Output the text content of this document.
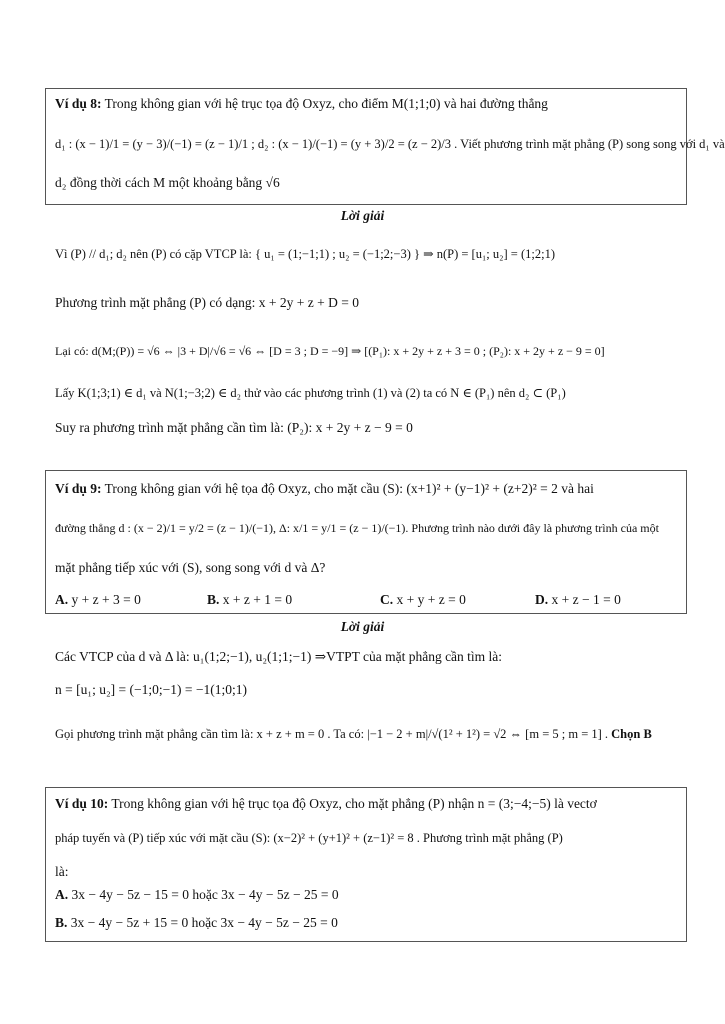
Ví dụ 8: Trong không gian với hệ trục tọa độ Oxyz, cho điểm M(1;1;0) và hai đường thẳng
d₁ : (x − 1)/1 = (y − 3)/(−1) = (z − 1)/1 ; d₂ : (x − 1)/(−1) = (y + 3)/2 = (z − 2)/3 . Viết phương trình mặt phẳng (P) song song với d₁ và
d₂ đồng thời cách M một khoảng bằng √6
Lời giải
Vì (P) // d₁; d₂ nên (P) có cặp VTCP là: { u₁ = (1;−1;1) ; u₂ = (−1;2;−3) } ⇒ n(P) = [u₁; u₂] = (1;2;1)
Phương trình mặt phẳng (P) có dạng: x + 2y + z + D = 0
Lại có: d(M;(P)) = √6 ⇔ |3 + D|/√6 = √6 ⇔ [D = 3 ; D = −9] ⇒ [(P₁): x + 2y + z + 3 = 0 ; (P₂): x + 2y + z − 9 = 0]
Lấy K(1;3;1) ∈ d₁ và N(1;−3;2) ∈ d₂ thử vào các phương trình (1) và (2) ta có N ∈ (P₁) nên d₂ ⊂ (P₁)
Suy ra phương trình mặt phẳng cần tìm là: (P₂): x + 2y + z − 9 = 0
Ví dụ 9: Trong không gian với hệ tọa độ Oxyz, cho mặt cầu (S): (x+1)² + (y−1)² + (z+2)² = 2 và hai
đường thẳng d : (x − 2)/1 = y/2 = (z − 1)/(−1), Δ: x/1 = y/1 = (z − 1)/(−1). Phương trình nào dưới đây là phương trình của một
mặt phẳng tiếp xúc với (S), song song với d và Δ?
A. y + z + 3 = 0	B. x + z + 1 = 0	C. x + y + z = 0	D. x + z − 1 = 0
Lời giải
Các VTCP của d và Δ là: u₁(1;2;−1), u₂(1;1;−1) ⇒VTPT của mặt phẳng cần tìm là:
n = [u₁; u₂] = (−1;0;−1) = −1(1;0;1)
Gọi phương trình mặt phẳng cần tìm là: x + z + m = 0 . Ta có: |−1 − 2 + m|/√(1² + 1²) = √2 ⇔ [m = 5 ; m = 1] . Chọn B
Ví dụ 10: Trong không gian với hệ trục tọa độ Oxyz, cho mặt phẳng (P) nhận n = (3;−4;−5) là vectơ
pháp tuyến và (P) tiếp xúc với mặt cầu (S): (x−2)² + (y+1)² + (z−1)² = 8 . Phương trình mặt phẳng (P)
là:
A. 3x − 4y − 5z − 15 = 0 hoặc 3x − 4y − 5z − 25 = 0
B. 3x − 4y − 5z + 15 = 0 hoặc 3x − 4y − 5z − 25 = 0
